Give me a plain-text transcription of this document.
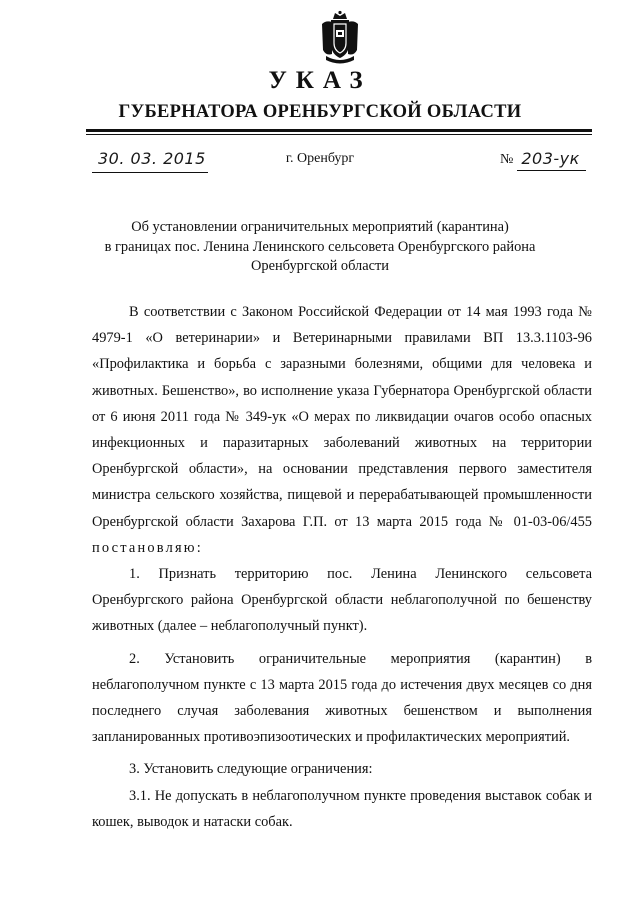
УКАЗ
ГУБЕРНАТОРА ОРЕНБУРГСКОЙ ОБЛАСТИ
30. 03. 2015	г. Оренбург	№ 203-ук
Об установлении ограничительных мероприятий (карантина)
в границах пос. Ленина Ленинского сельсовета Оренбургского района
Оренбургской области

В соответствии с Законом Российской Федерации от 14 мая 1993 года № 4979-1 «О ветеринарии» и Ветеринарными правилами ВП 13.3.1103-96 «Профилактика и борьба с заразными болезнями, общими для человека и животных. Бешенство», во исполнение указа Губернатора Оренбургской области от 6 июня 2011 года № 349-ук «О мерах по ликвидации очагов особо опасных инфекционных и паразитарных заболеваний животных на территории Оренбургской области», на основании представления первого заместителя министра сельского хозяйства, пищевой и перерабатывающей промышленности Оренбургской области Захарова Г.П. от 13 марта 2015 года № 01-03-06/455 постановляю:

1. Признать территорию пос. Ленина Ленинского сельсовета Оренбургского района Оренбургской области неблагополучной по бешенству животных (далее – неблагополучный пункт).

2. Установить ограничительные мероприятия (карантин) в неблагополучном пункте с 13 марта 2015 года до истечения двух месяцев со дня последнего случая заболевания животных бешенством и выполнения запланированных противоэпизоотических и профилактических мероприятий.

3. Установить следующие ограничения:

3.1. Не допускать в неблагополучном пункте проведения выставок собак и кошек, выводок и натаски собак.
